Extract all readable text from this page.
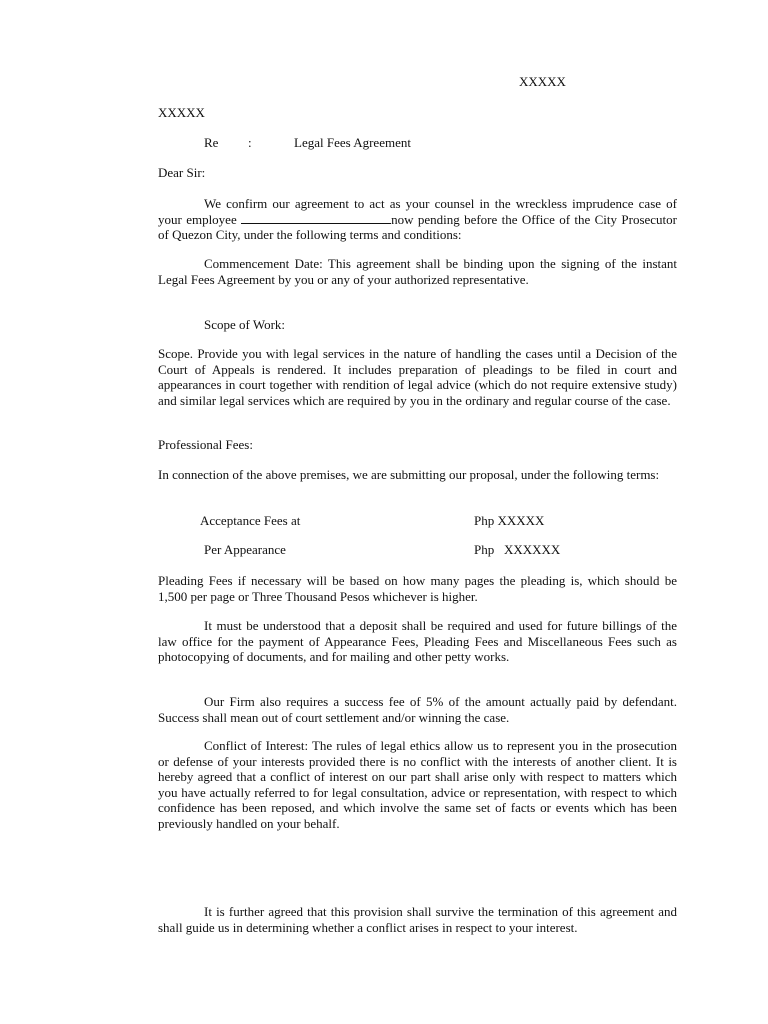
XXXXX
XXXXX
Re :	Legal Fees Agreement
Dear Sir:

We confirm our agreement to act as your counsel in the wreckless imprudence case of your employee	now pending before the Office of the City Prosecutor of Quezon City, under the following terms and conditions:

Commencement Date: This agreement shall be binding upon the signing of the instant Legal Fees Agreement by you or any of your authorized representative.

Scope of Work:

Scope. Provide you with legal services in the nature of handling the cases until a Decision of the Court of Appeals is rendered. It includes preparation of pleadings to be filed in court and appearances in court together with rendition of legal advice (which do not require extensive study) and similar legal services which are required by you in the ordinary and regular course of the case.

Professional Fees:

In connection of the above premises, we are submitting our proposal, under the following terms:

Acceptance Fees at	Php XXXXX
Per Appearance	Php   XXXXXX

Pleading Fees if necessary will be based on how many pages the pleading is, which should be 1,500 per page or Three Thousand Pesos whichever is higher.

It must be understood that a deposit shall be required and used for future billings of the law office for the payment of Appearance Fees, Pleading Fees and Miscellaneous Fees such as photocopying of documents, and for mailing and other petty works.

Our Firm also requires a success fee of 5% of the amount actually paid by defendant. Success shall mean out of court settlement and/or winning the case.

Conflict of Interest: The rules of legal ethics allow us to represent you in the prosecution or defense of your interests provided there is no conflict with the interests of another client. It is hereby agreed that a conflict of interest on our part shall arise only with respect to matters which you have actually referred to for legal consultation, advice or representation, with respect to which confidence has been reposed, and which involve the same set of facts or events which has been previously handled on your behalf.

It is further agreed that this provision shall survive the termination of this agreement and shall guide us in determining whether a conflict arises in respect to your interest.
